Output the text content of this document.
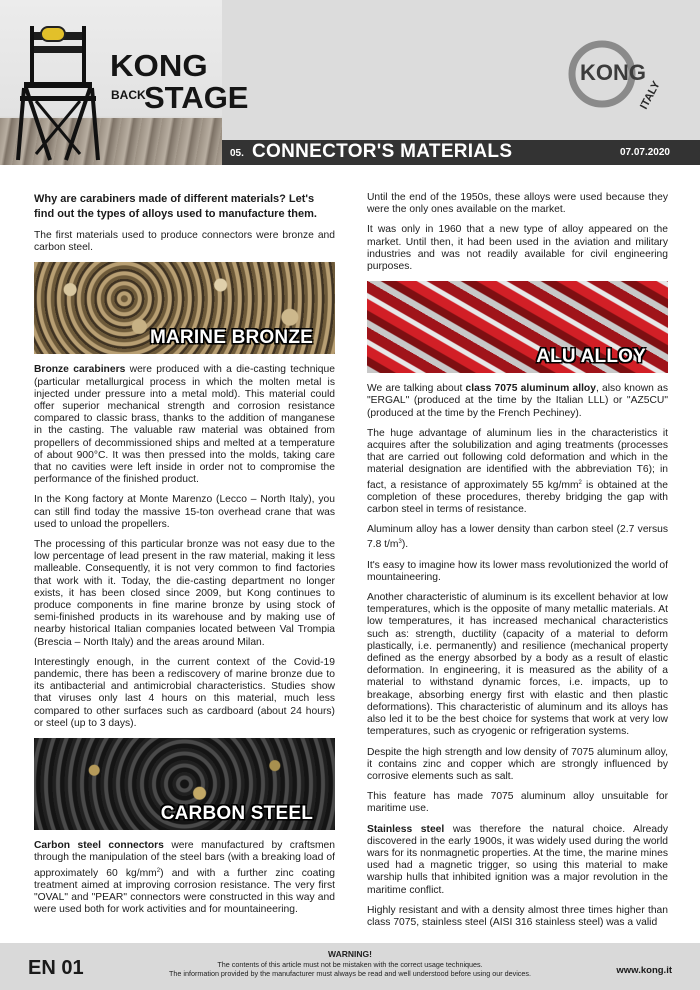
KONG
BACK
STAGE
KONG
ITALY
05. CONNECTOR'S MATERIALS	07.07.2020

Why are carabiners made of different materials? Let's find out the types of alloys used to manufacture them.

The first materials used to produce connectors were bronze and carbon steel.

MARINE BRONZE

Bronze carabiners were produced with a die-casting technique (particular metallurgical process in which the molten metal is injected under pressure into a metal mold). This material could offer superior mechanical strength and corrosion resistance compared to classic brass, thanks to the addition of manganese in the casting. The valuable raw material was obtained from propellers of decommissioned ships and melted at a temperature of about 900°C. It was then pressed into the molds, taking care that no cavities were left inside in order not to compromise the performance of the finished product.

In the Kong factory at Monte Marenzo (Lecco – North Italy), you can still find today the massive 15-ton overhead crane that was used to unload the propellers.

The processing of this particular bronze was not easy due to the low percentage of lead present in the raw material, making it less malleable. Consequently, it is not very common to find factories that work with it. Today, the die-casting department no longer exists, it has been closed since 2009, but Kong continues to produce components in fine marine bronze by using stock of semi-finished products in its warehouse and by making use of nearby historical Italian companies located between Val Trompia (Brescia – North Italy) and the areas around Milan.

Interestingly enough, in the current context of the Covid-19 pandemic, there has been a rediscovery of marine bronze due to its antibacterial and antimicrobial characteristics. Studies show that viruses only last 4 hours on this material, much less compared to other surfaces such as cardboard (about 24 hours) or steel (up to 3 days).

CARBON STEEL

Carbon steel connectors were manufactured by craftsmen through the manipulation of the steel bars (with a breaking load of approximately 60 $kg/mm^2$) and with a further zinc coating treatment aimed at improving corrosion resistance. The very first "OVAL" and "PEAR" connectors were constructed in this way and were used both for work activities and for mountaineering.

Until the end of the 1950s, these alloys were used because they were the only ones available on the market.

It was only in 1960 that a new type of alloy appeared on the market. Until then, it had been used in the aviation and military industries and was not readily available for civil engineering purposes.

ALU ALLOY

We are talking about class 7075 aluminum alloy, also known as "ERGAL" (produced at the time by the Italian LLL) or "AZ5CU" (produced at the time by the French Pechiney).

The huge advantage of aluminum lies in the characteristics it acquires after the solubilization and aging treatments (processes that are carried out following cold deformation and which in the material designation are identified with the abbreviation T6); in fact, a resistance of approximately 55 $kg/mm^2$ is obtained at the completion of these procedures, thereby bridging the gap with carbon steel in terms of resistance.

Aluminum alloy has a lower density than carbon steel (2.7 versus 7.8 $t/m^3$).

It's easy to imagine how its lower mass revolutionized the world of mountaineering.

Another characteristic of aluminum is its excellent behavior at low temperatures, which is the opposite of many metallic materials. At low temperatures, it has increased mechanical characteristics such as: strength, ductility (capacity of a material to deform plastically, i.e. permanently) and resilience (mechanical property defined as the energy absorbed by a body as a result of elastic deformation. In engineering, it is measured as the ability of a material to withstand dynamic forces, i.e. impacts, up to breakage, absorbing energy first with elastic and then plastic deformations). This characteristic of aluminum and its alloys has also led it to be the best choice for systems that work at very low temperatures, such as cryogenic or refrigeration systems.

Despite the high strength and low density of 7075 aluminum alloy, it contains zinc and copper which are strongly influenced by corrosive elements such as salt.

This feature has made 7075 aluminum alloy unsuitable for maritime use.

Stainless steel was therefore the natural choice. Already discovered in the early 1900s, it was widely used during the world wars for its nonmagnetic properties. At the time, the marine mines used had a magnetic trigger, so using this material to make warship hulls that inhibited ignition was a major revolution in the maritime conflict.

Highly resistant and with a density almost three times higher than class 7075, stainless steel (AISI 316 stainless steel) was a valid

EN 01
WARNING!
The contents of this article must not be mistaken with the correct usage techniques.
The information provided by the manufacturer must always be read and well understood before using our devices.	www.kong.it
